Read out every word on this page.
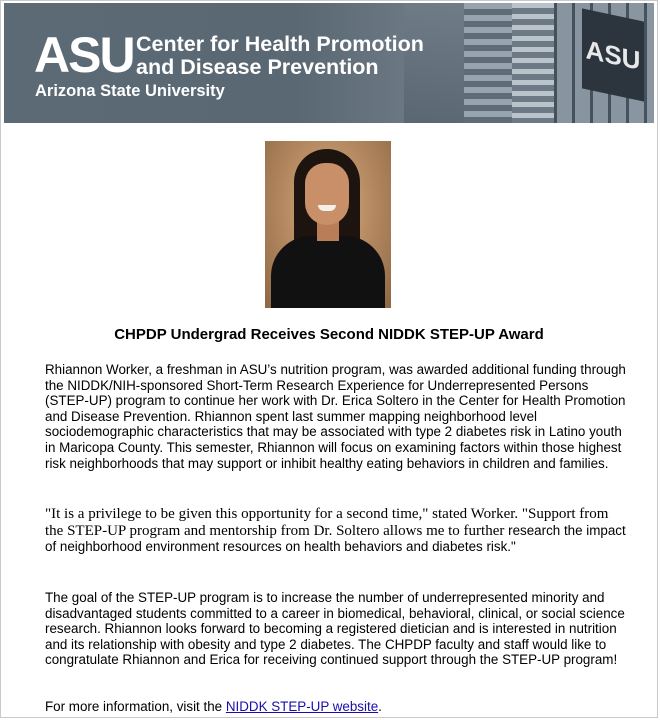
ASU
ASU Center for Health Promotion
and Disease Prevention
Arizona State University
CHPDP Undergrad Receives Second NIDDK STEP-UP Award

Rhiannon Worker, a freshman in ASU’s nutrition program, was awarded additional funding through the NIDDK/NIH-sponsored Short-Term Research Experience for Underrepresented Persons (STEP-UP) program to continue her work with Dr. Erica Soltero in the Center for Health Promotion and Disease Prevention. Rhiannon spent last summer mapping neighborhood level sociodemographic characteristics that may be associated with type 2 diabetes risk in Latino youth in Maricopa County. This semester, Rhiannon will focus on examining factors within those highest risk neighborhoods that may support or inhibit healthy eating behaviors in children and families.

"It is a privilege to be given this opportunity for a second time," stated Worker. "Support from the STEP-UP program and mentorship from Dr. Soltero allows me to further research the impact of neighborhood environment resources on health behaviors and diabetes risk."

The goal of the STEP-UP program is to increase the number of underrepresented minority and disadvantaged students committed to a career in biomedical, behavioral, clinical, or social science research. Rhiannon looks forward to becoming a registered dietician and is interested in nutrition and its relationship with obesity and type 2 diabetes. The CHPDP faculty and staff would like to congratulate Rhiannon and Erica for receiving continued support through the STEP-UP program!

For more information, visit the NIDDK STEP-UP website.
